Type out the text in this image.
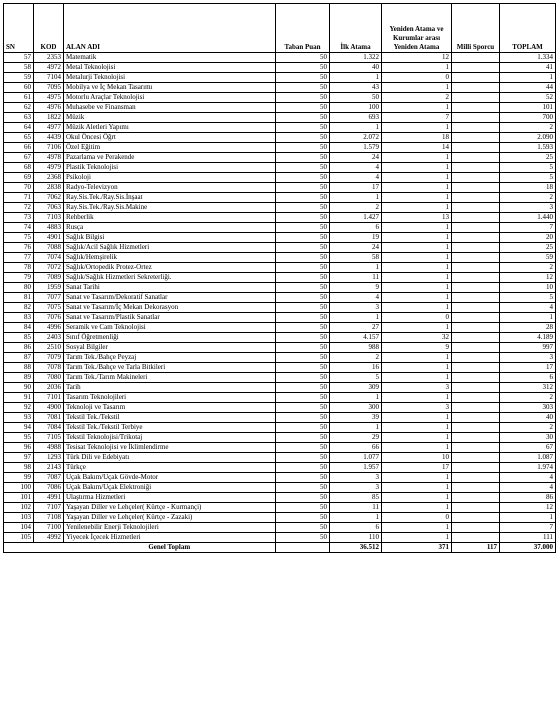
SN	KOD	ALAN ADI	Taban Puan	İlk Atama	Yeniden Atama ve Kurumlar arası Yeniden Atama	Milli Sporcu	TOPLAM
57	2353	Matematik	50	1.322	12		1.334
58	4972	Metal Teknolojisi	50	40	1		41
59	7104	Metalurji Teknolojisi	50	1	0		1
60	7095	Mobilya ve İç Mekan Tasarımı	50	43	1		44
61	4975	Motorlu Araçlar Teknolojisi	50	50	2		52
62	4976	Muhasebe ve Finansman	50	100	1		101
63	1822	Müzik	50	693	7		700
64	4977	Müzik Aletleri Yapımı	50	1	1		2
65	4439	Okul Öncesi Öğrt	50	2.072	18		2.090
66	7106	Özel Eğitim	50	1.579	14		1.593
67	4978	Pazarlama ve Perakende	50	24	1		25
68	4979	Plastik Teknolojisi	50	4	1		5
69	2368	Psikoloji	50	4	1		5
70	2838	Radyo-Televizyon	50	17	1		18
71	7062	Ray.Sis.Tek./Ray.Sis.İnşaat	50	1	1		2
72	7063	Ray.Sis.Tek./Ray.Sis.Makine	50	2	1		3
73	7103	Rehberlik	50	1.427	13		1.440
74	4883	Rusça	50	6	1		7
75	4901	Sağlık Bilgisi	50	19	1		20
76	7088	Sağlık/Acil Sağlık Hizmetleri	50	24	1		25
77	7074	Sağlık/Hemşirelik	50	58	1		59
78	7072	Sağlık/Ortopedik Protez-Ortez	50	1	1		2
79	7089	Sağlık/Sağlık Hizmetleri Sekreterliği.	50	11	1		12
80	1959	Sanat Tarihi	50	9	1		10
81	7077	Sanat ve Tasarım/Dekoratif Sanatlar	50	4	1		5
82	7075	Sanat ve Tasarım/İç Mekan Dekorasyon	50	3	1		4
83	7076	Sanat ve Tasarım/Plastik Sanatlar	50	1	0		1
84	4996	Seramik ve Cam Teknolojisi	50	27	1		28
85	2403	Sınıf Öğretmenliği	50	4.157	32		4.189
86	2510	Sosyal Bilgiler	50	988	9		997
87	7079	Tarım Tek./Bahçe Peyzaj	50	2	1		3
88	7078	Tarım Tek./Bahçe ve Tarla Bitkileri	50	16	1		17
89	7080	Tarım Tek./Tarım Makineleri	50	5	1		6
90	2036	Tarih	50	309	3		312
91	7101	Tasarım Teknolojileri	50	1	1		2
92	4900	Teknoloji ve Tasarım	50	300	3		303
93	7081	Tekstil Tek./Tekstil	50	39	1		40
94	7084	Tekstil Tek./Tekstil Terbiye	50	1	1		2
95	7105	Tekstil Teknolojisi/Trikotaj	50	29	1		30
96	4988	Tesisat Teknolojisi ve İklimlendirme	50	66	1		67
97	1293	Türk Dili ve Edebiyatı	50	1.077	10		1.087
98	2143	Türkçe	50	1.957	17		1.974
99	7087	Uçak Bakım/Uçak Gövde-Motor	50	3	1		4
100	7086	Uçak Bakım/Uçak Elektroniği	50	3	1		4
101	4991	Ulaştırma Hizmetleri	50	85	1		86
102	7107	Yaşayan Diller ve Lehçeler( Kürtçe - Kurmançi)	50	11	1		12
103	7108	Yaşayan Diller ve Lehçeler( Kürtçe - Zazaki)	50	1	0		1
104	7100	Yenilenebilir Enerji Teknolojileri	50	6	1		7
105	4992	Yiyecek İçecek Hizmetleri	50	110	1		111
		Genel Toplam		36.512	371	117	37.000
